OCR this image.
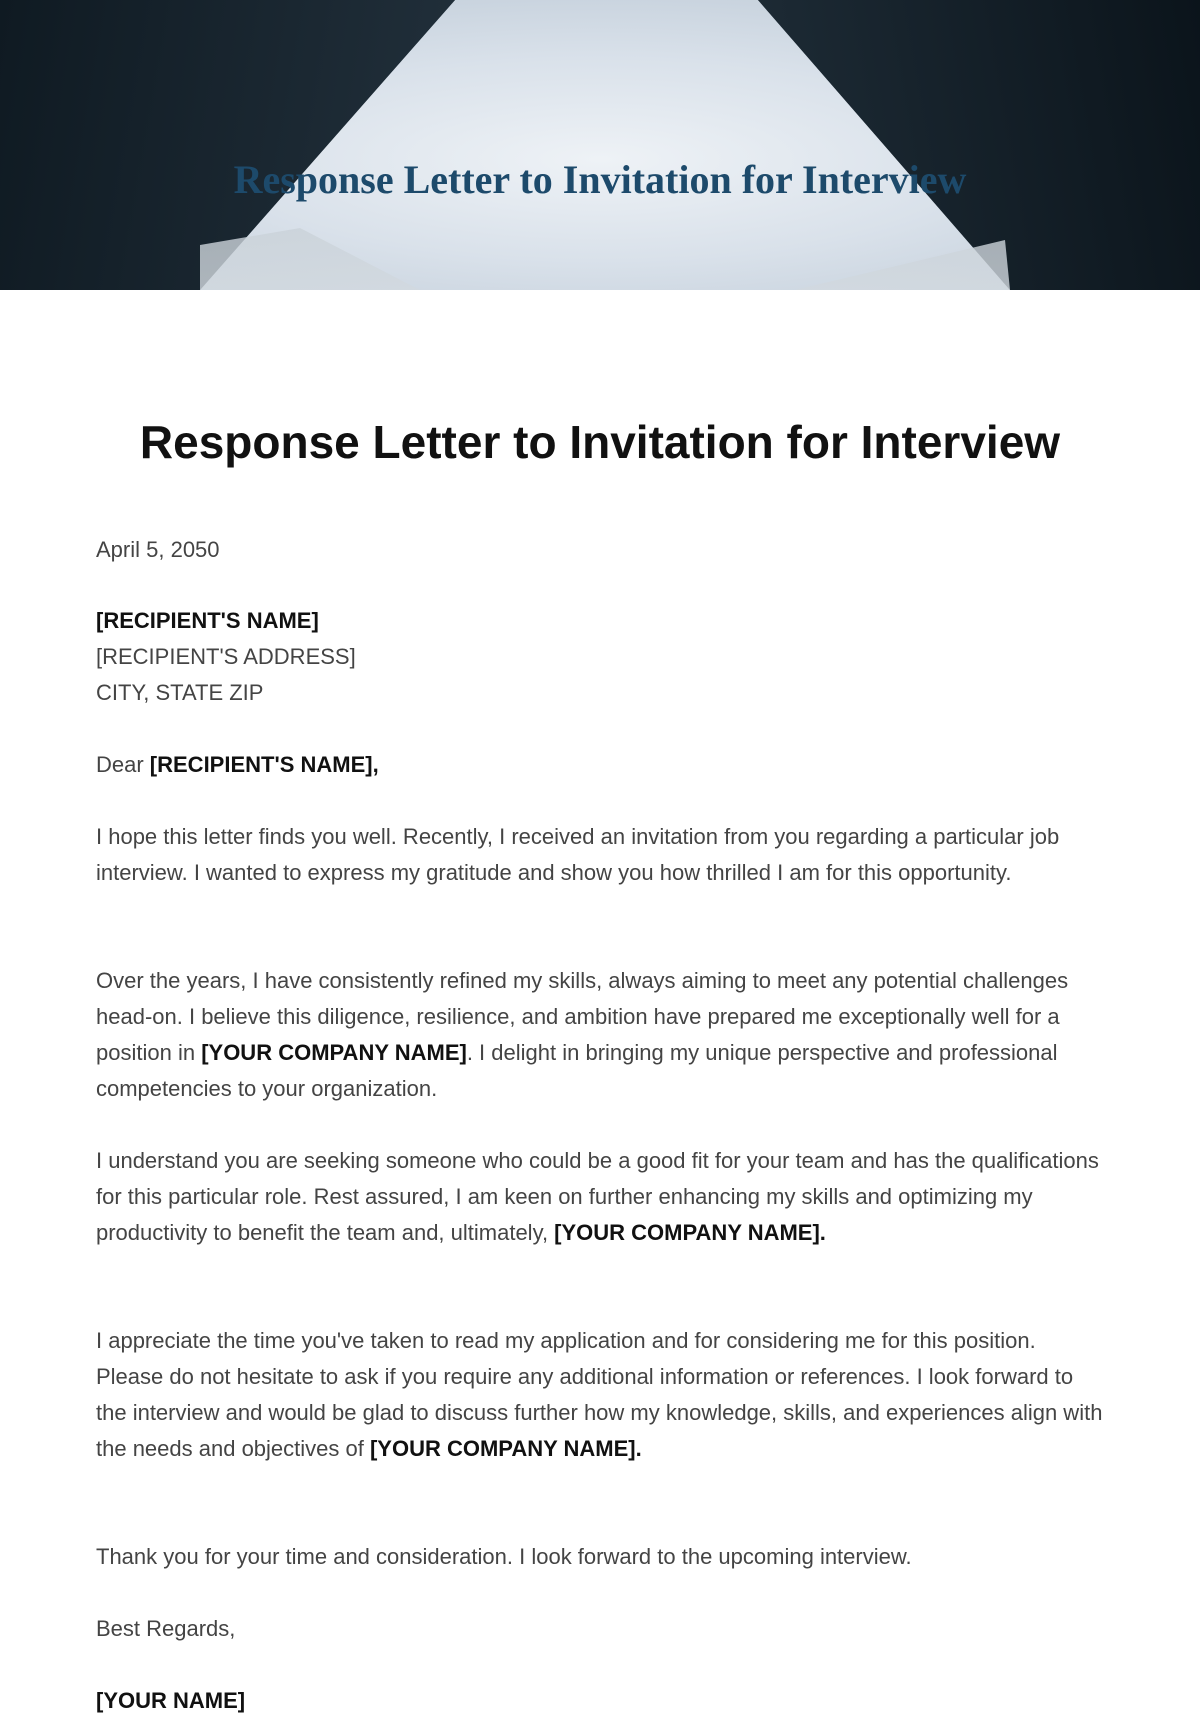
Response Letter to Invitation for Interview
Response Letter to Invitation for Interview
April 5, 2050
[RECIPIENT'S NAME]
[RECIPIENT'S ADDRESS]
CITY, STATE ZIP
Dear [RECIPIENT'S NAME],
I hope this letter finds you well. Recently, I received an invitation from you regarding a particular job interview. I wanted to express my gratitude and show you how thrilled I am for this opportunity.
Over the years, I have consistently refined my skills, always aiming to meet any potential challenges head-on. I believe this diligence, resilience, and ambition have prepared me exceptionally well for a position in [YOUR COMPANY NAME]. I delight in bringing my unique perspective and professional competencies to your organization.
I understand you are seeking someone who could be a good fit for your team and has the qualifications for this particular role. Rest assured, I am keen on further enhancing my skills and optimizing my productivity to benefit the team and, ultimately, [YOUR COMPANY NAME].
I appreciate the time you've taken to read my application and for considering me for this position. Please do not hesitate to ask if you require any additional information or references. I look forward to the interview and would be glad to discuss further how my knowledge, skills, and experiences align with the needs and objectives of [YOUR COMPANY NAME].
Thank you for your time and consideration. I look forward to the upcoming interview.
Best Regards,
[YOUR NAME]
